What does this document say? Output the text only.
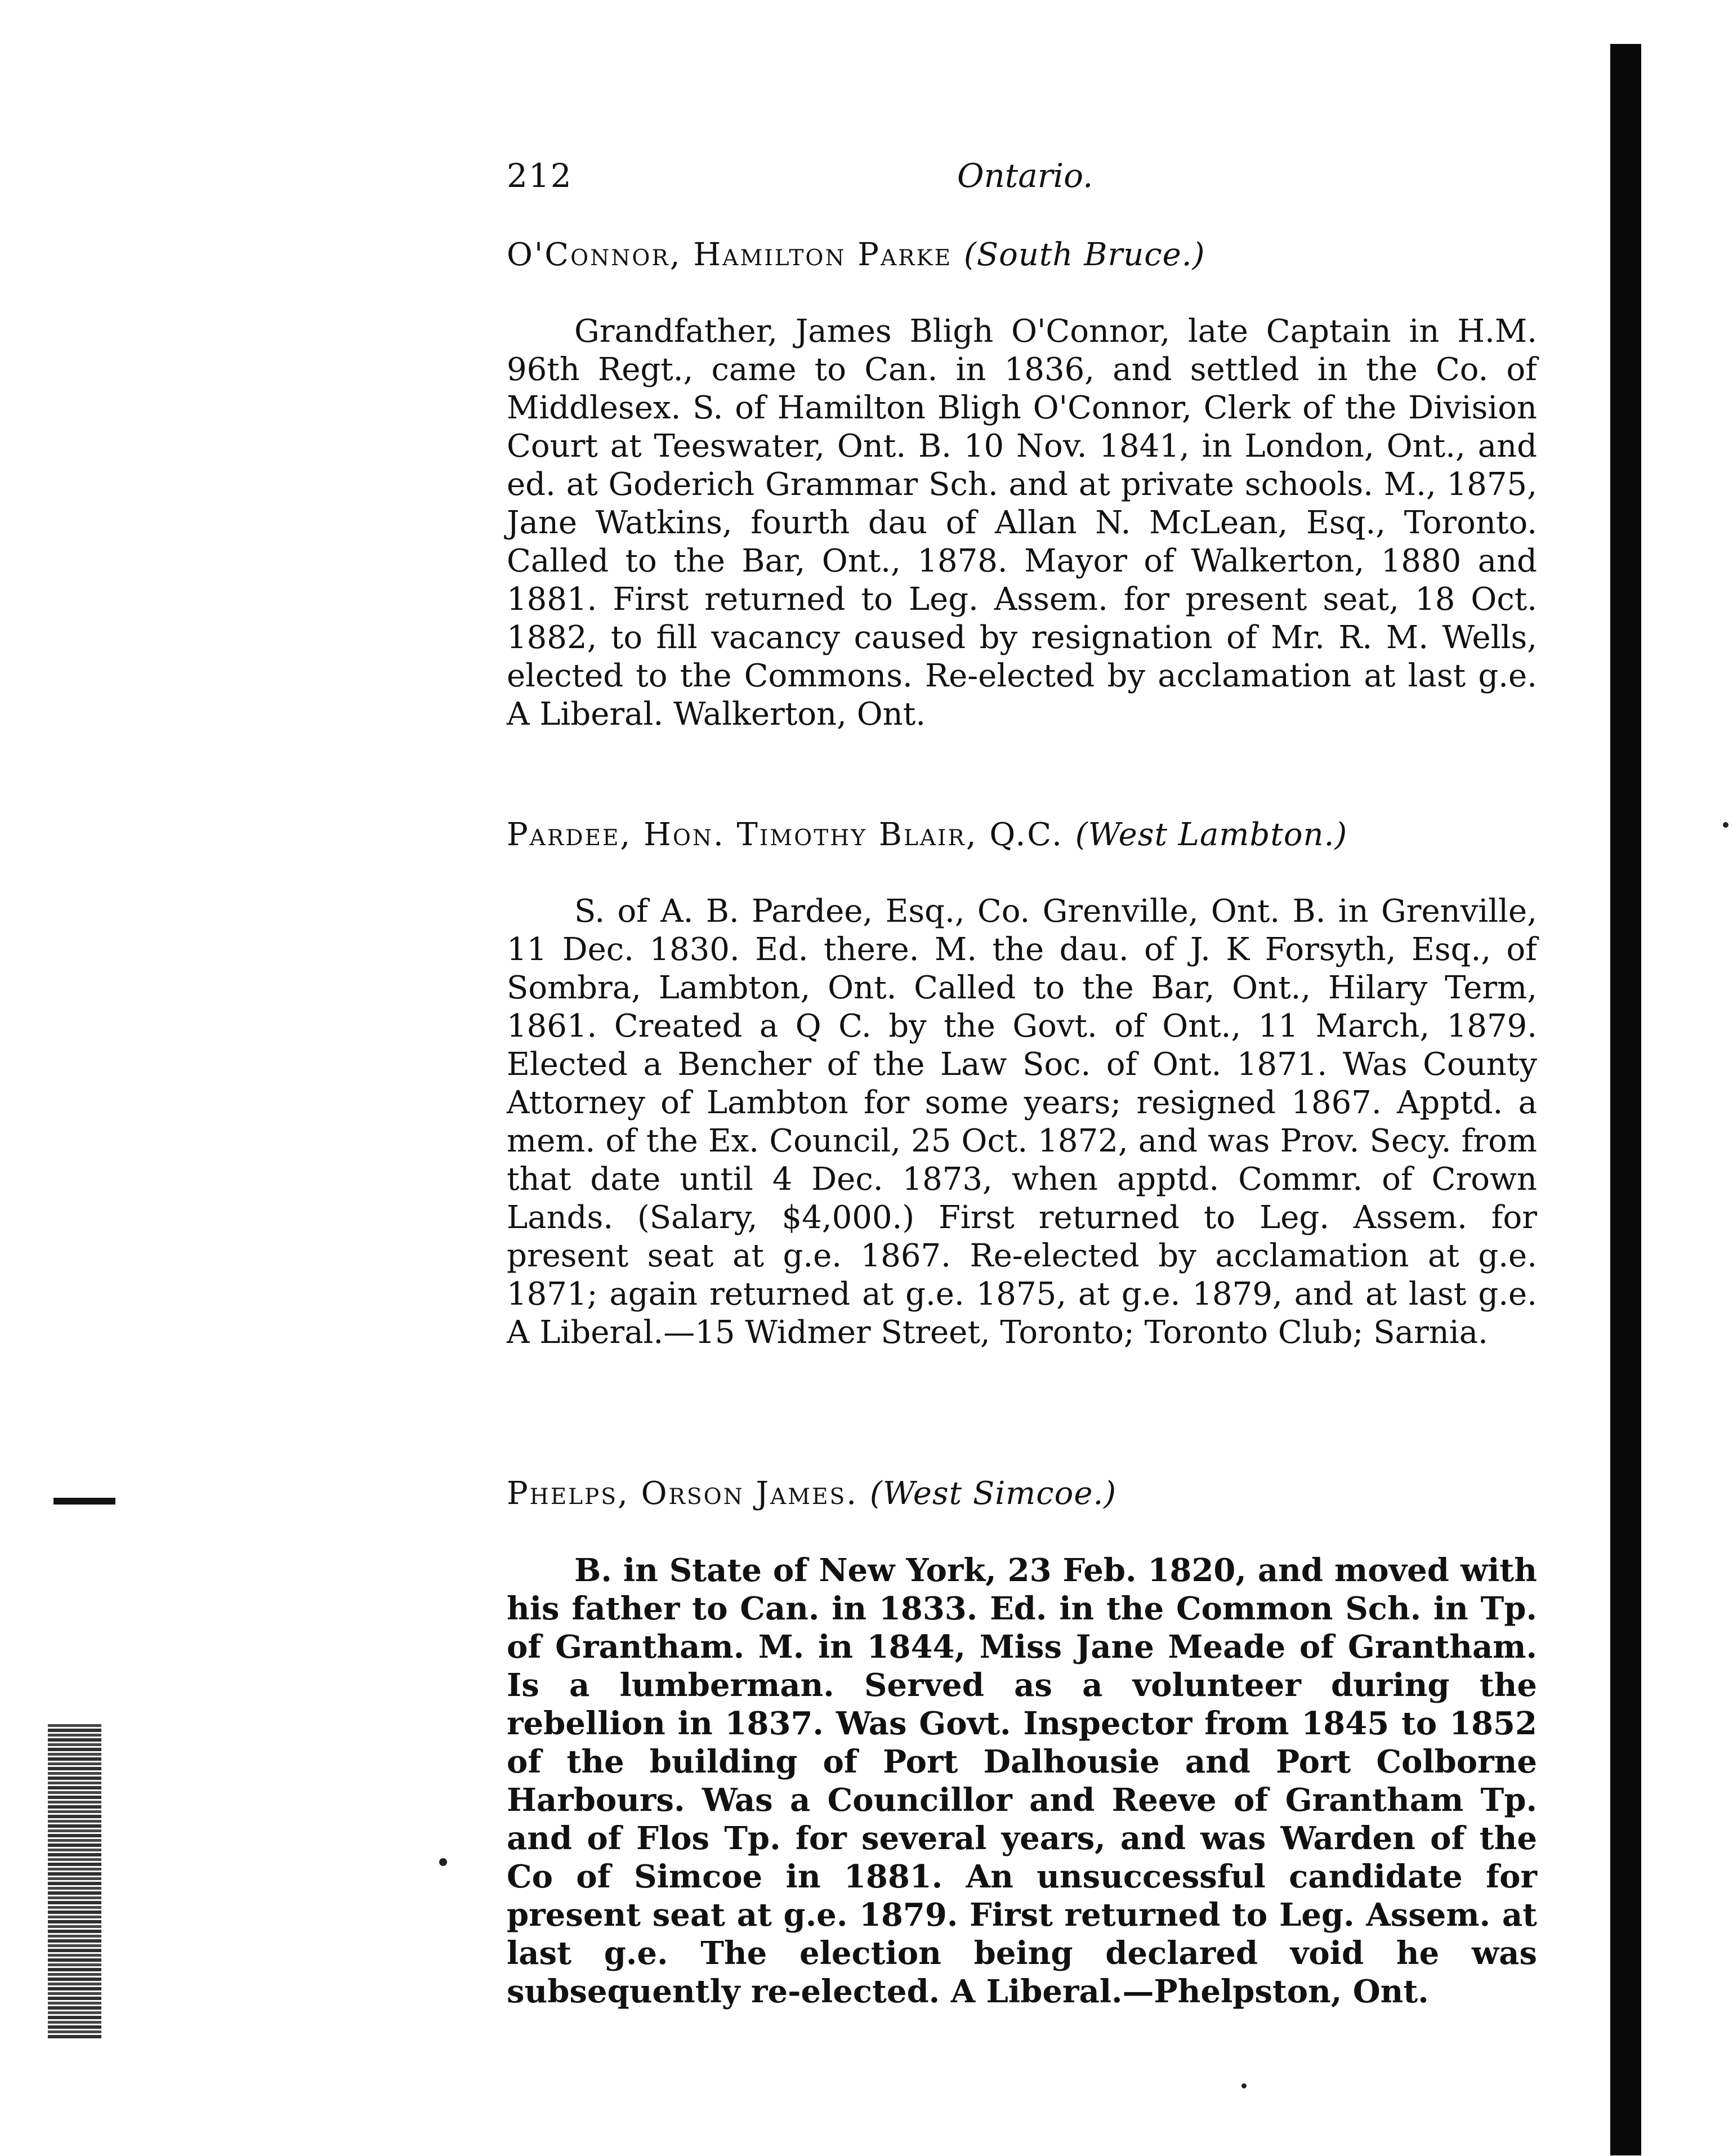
212	Ontario.
O'Connor, Hamilton Parke (South Bruce.)
Grandfather, James Bligh O'Connor, late Captain in H.M. 96th Regt., came to Can. in 1836, and settled in the Co. of Middlesex. S. of Hamilton Bligh O'Connor, Clerk of the Division Court at Teeswater, Ont. B. 10 Nov. 1841, in London, Ont., and ed. at Goderich Grammar Sch. and at private schools. M., 1875, Jane Watkins, fourth dau of Allan N. McLean, Esq., Toronto. Called to the Bar, Ont., 1878. Mayor of Walkerton, 1880 and 1881. First returned to Leg. Assem. for present seat, 18 Oct. 1882, to fill vacancy caused by resignation of Mr. R. M. Wells, elected to the Commons. Re-elected by acclamation at last g.e. A Liberal. Walkerton, Ont.
Pardee, Hon. Timothy Blair, Q.C. (West Lambton.)
S. of A. B. Pardee, Esq., Co. Grenville, Ont. B. in Grenville, 11 Dec. 1830. Ed. there. M. the dau. of J. K Forsyth, Esq., of Sombra, Lambton, Ont. Called to the Bar, Ont., Hilary Term, 1861. Created a Q C. by the Govt. of Ont., 11 March, 1879. Elected a Bencher of the Law Soc. of Ont. 1871. Was County Attorney of Lambton for some years; resigned 1867. Apptd. a mem. of the Ex. Council, 25 Oct. 1872, and was Prov. Secy. from that date until 4 Dec. 1873, when apptd. Commr. of Crown Lands. (Salary, $4,000.) First returned to Leg. Assem. for present seat at g.e. 1867. Re-elected by acclamation at g.e. 1871; again returned at g.e. 1875, at g.e. 1879, and at last g.e. A Liberal.—15 Widmer Street, Toronto; Toronto Club; Sarnia.
Phelps, Orson James. (West Simcoe.)
B. in State of New York, 23 Feb. 1820, and moved with his father to Can. in 1833. Ed. in the Common Sch. in Tp. of Grantham. M. in 1844, Miss Jane Meade of Grantham. Is a lumberman. Served as a volunteer during the rebellion in 1837. Was Govt. Inspector from 1845 to 1852 of the building of Port Dalhousie and Port Colborne Harbours. Was a Councillor and Reeve of Grantham Tp. and of Flos Tp. for several years, and was Warden of the Co of Simcoe in 1881. An unsuccessful candidate for present seat at g.e. 1879. First returned to Leg. Assem. at last g.e. The election being declared void he was subsequently re-elected. A Liberal.—Phelpston, Ont.
